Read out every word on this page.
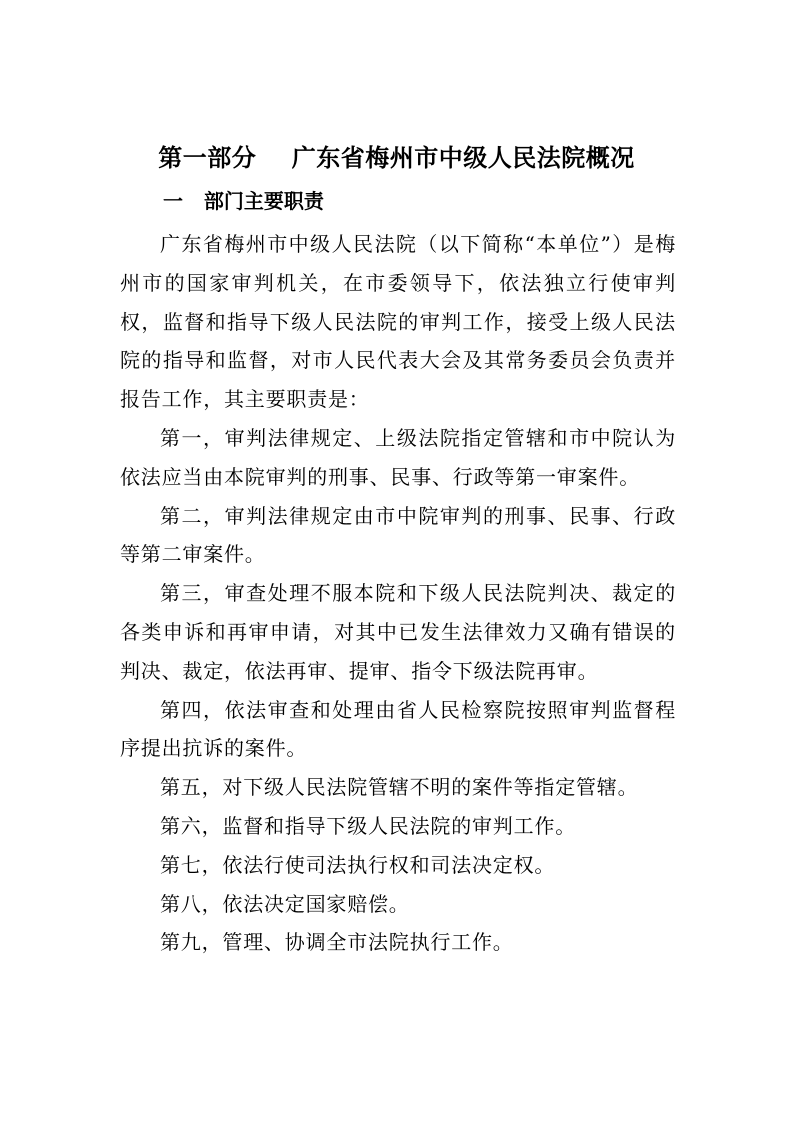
第一部分    广东省梅州市中级人民法院概况
一   部门主要职责

广东省梅州市中级人民法院（以下简称“本单位”）是梅州市的国家审判机关，在市委领导下，依法独立行使审判权，监督和指导下级人民法院的审判工作，接受上级人民法院的指导和监督，对市人民代表大会及其常务委员会负责并报告工作，其主要职责是：

第一，审判法律规定、上级法院指定管辖和市中院认为依法应当由本院审判的刑事、民事、行政等第一审案件。

第二，审判法律规定由市中院审判的刑事、民事、行政等第二审案件。

第三，审查处理不服本院和下级人民法院判决、裁定的各类申诉和再审申请，对其中已发生法律效力又确有错误的判决、裁定，依法再审、提审、指令下级法院再审。

第四，依法审查和处理由省人民检察院按照审判监督程序提出抗诉的案件。

第五，对下级人民法院管辖不明的案件等指定管辖。

第六，监督和指导下级人民法院的审判工作。

第七，依法行使司法执行权和司法决定权。

第八，依法决定国家赔偿。

第九，管理、协调全市法院执行工作。
